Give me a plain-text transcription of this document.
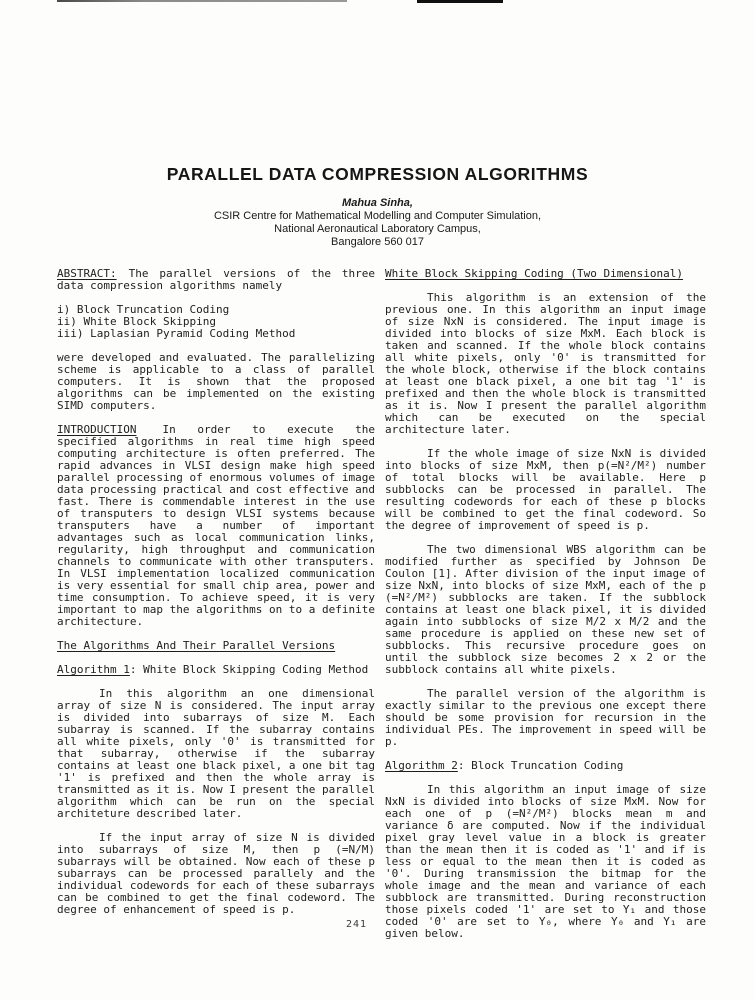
PARALLEL DATA COMPRESSION ALGORITHMS
Mahua Sinha,
CSIR Centre for Mathematical Modelling and Computer Simulation,
National Aeronautical Laboratory Campus,
Bangalore 560 017

ABSTRACT: The parallel versions of the three data compression algorithms namely

i) Block Truncation Coding
ii) White Block Skipping
iii) Laplasian Pyramid Coding Method

were developed and evaluated. The parallelizing scheme is applicable to a class of parallel computers. It is shown that the proposed algorithms can be implemented on the existing SIMD computers.

INTRODUCTION In order to execute the specified algorithms in real time high speed computing architecture is often preferred. The rapid advances in VLSI design make high speed parallel processing of enormous volumes of image data processing practical and cost effective and fast. There is commendable interest in the use of transputers to design VLSI systems because transputers have a number of important advantages such as local communication links, regularity, high throughput and communication channels to communicate with other transputers. In VLSI implementation localized communication is very essential for small chip area, power and time consumption. To achieve speed, it is very important to map the algorithms on to a definite architecture.

The Algorithms And Their Parallel Versions

Algorithm 1: White Block Skipping Coding Method

In this algorithm an one dimensional array of size N is considered. The input array is divided into subarrays of size M. Each subarray is scanned. If the subarray contains all white pixels, only '0' is transmitted for that subarray, otherwise if the subarray contains at least one black pixel, a one bit tag '1' is prefixed and then the whole array is transmitted as it is. Now I present the parallel algorithm which can be run on the special architeture described later.

If the input array of size N is divided into subarrays of size M, then p (=N/M) subarrays will be obtained. Now each of these p subarrays can be processed parallely and the individual codewords for each of these subarrays can be combined to get the final codeword. The degree of enhancement of speed is p.

White Block Skipping Coding (Two Dimensional)

This algorithm is an extension of the previous one. In this algorithm an input image of size NxN is considered. The input image is divided into blocks of size MxM. Each block is taken and scanned. If the whole block contains all white pixels, only '0' is transmitted for the whole block, otherwise if the block contains at least one black pixel, a one bit tag '1' is prefixed and then the whole block is transmitted as it is. Now I present the parallel algorithm which can be executed on the special architecture later.

If the whole image of size NxN is divided into blocks of size MxM, then p(=N²/M²) number of total blocks will be available. Here p subblocks can be processed in parallel. The resulting codewords for each of these p blocks will be combined to get the final codeword. So the degree of improvement of speed is p.

The two dimensional WBS algorithm can be modified further as specified by Johnson De Coulon [1]. After division of the input image of size NxN, into blocks of size MxM, each of the p (=N²/M²) subblocks are taken. If the subblock contains at least one black pixel, it is divided again into subblocks of size M/2 x M/2 and the same procedure is applied on these new set of subblocks. This recursive procedure goes on until the subblock size becomes 2 x 2 or the subblock contains all white pixels.

The parallel version of the algorithm is exactly similar to the previous one except there should be some provision for recursion in the individual PEs. The improvement in speed will be p.

Algorithm 2: Block Truncation Coding

In this algorithm an input image of size NxN is divided into blocks of size MxM. Now for each one of p (=N²/M²) blocks mean m and variance δ are computed. Now if the individual pixel gray level value in a block is greater than the mean then it is coded as '1' and if is less or equal to the mean then it is coded as '0'. During transmission the bitmap for the whole image and the mean and variance of each subblock are transmitted. During reconstruction those pixels coded '1' are set to Y₁ and those coded '0' are set to Y₀, where Y₀ and Y₁ are given below.

241
